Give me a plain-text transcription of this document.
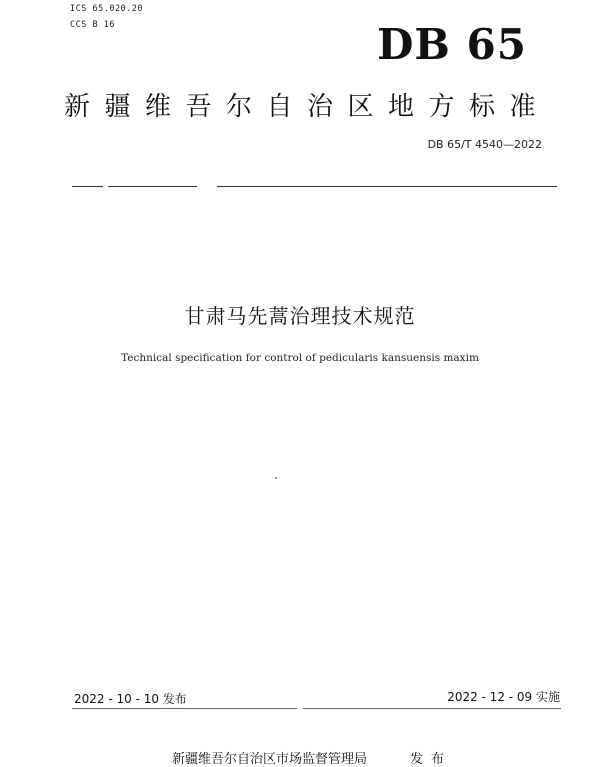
ICS 65.020.20
CCS B 16	DB 65
新疆维吾尔自治区地方标准
DB 65/T 4540—2022
甘肃马先蒿治理技术规范
Technical specification for control of pedicularis kansuensis maxim
2022 - 10 - 10 发布	2022 - 12 - 09 实施
新疆维吾尔自治区市场监督管理局	发布
